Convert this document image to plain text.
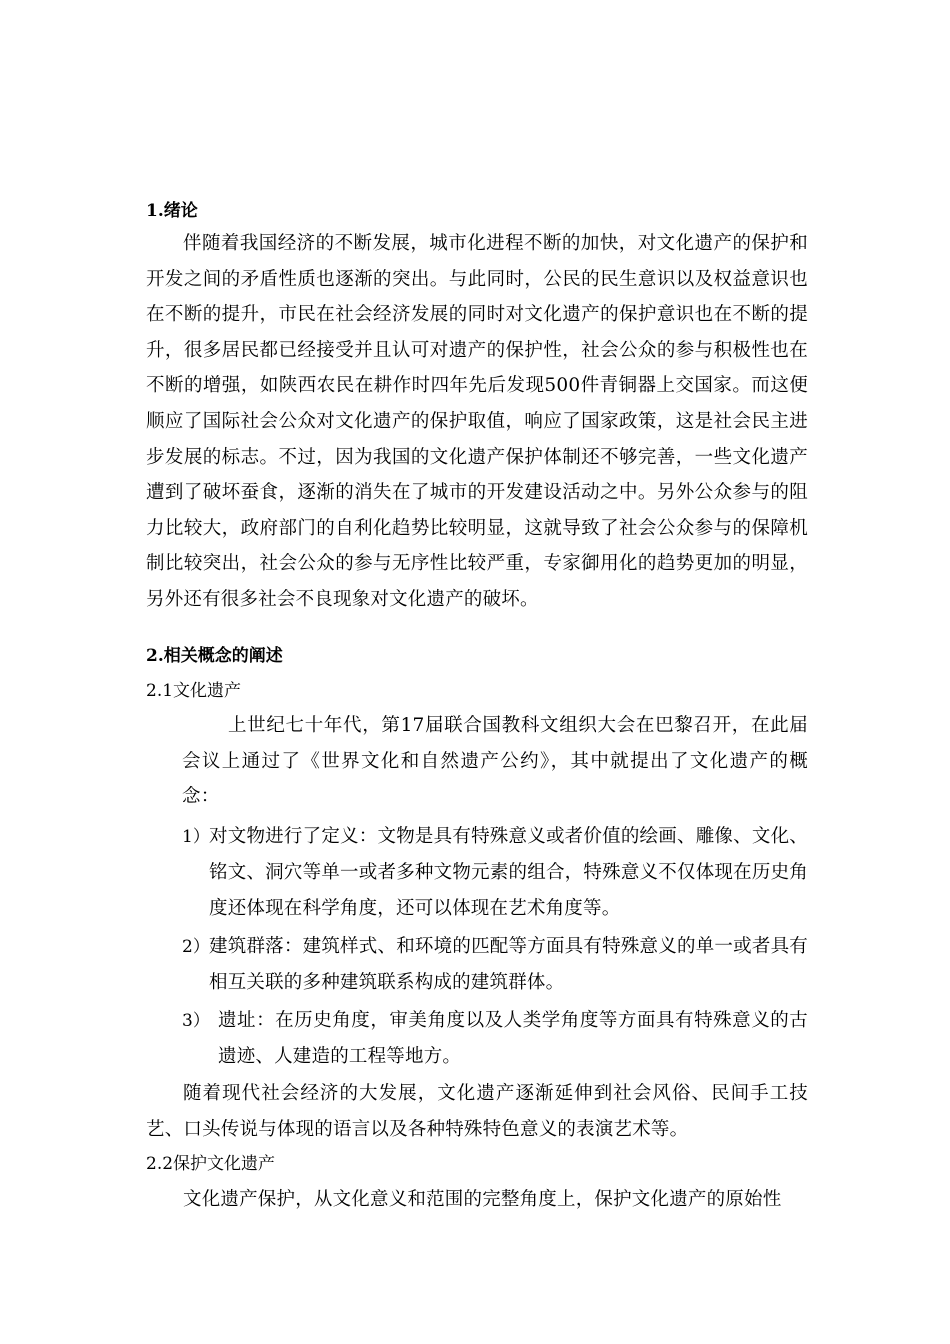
1.绪论
伴随着我国经济的不断发展，城市化进程不断的加快，对文化遗产的保护和开发之间的矛盾性质也逐渐的突出。与此同时，公民的民生意识以及权益意识也在不断的提升，市民在社会经济发展的同时对文化遗产的保护意识也在不断的提升，很多居民都已经接受并且认可对遗产的保护性，社会公众的参与积极性也在不断的增强，如陕西农民在耕作时四年先后发现500件青铜器上交国家。而这便顺应了国际社会公众对文化遗产的保护取值，响应了国家政策，这是社会民主进步发展的标志。不过，因为我国的文化遗产保护体制还不够完善，一些文化遗产遭到了破坏蚕食，逐渐的消失在了城市的开发建设活动之中。另外公众参与的阻力比较大，政府部门的自利化趋势比较明显，这就导致了社会公众参与的保障机制比较突出，社会公众的参与无序性比较严重，专家御用化的趋势更加的明显，另外还有很多社会不良现象对文化遗产的破坏。
2.相关概念的阐述
2.1文化遗产
上世纪七十年代，第17届联合国教科文组织大会在巴黎召开，在此届会议上通过了《世界文化和自然遗产公约》，其中就提出了文化遗产的概念：
1） 对文物进行了定义：文物是具有特殊意义或者价值的绘画、雕像、文化、铭文、洞穴等单一或者多种文物元素的组合，特殊意义不仅体现在历史角度还体现在科学角度，还可以体现在艺术角度等。
2） 建筑群落：建筑样式、和环境的匹配等方面具有特殊意义的单一或者具有相互关联的多种建筑联系构成的建筑群体。
3） 遗址：在历史角度，审美角度以及人类学角度等方面具有特殊意义的古遗迹、人建造的工程等地方。
随着现代社会经济的大发展，文化遗产逐渐延伸到社会风俗、民间手工技艺、口头传说与体现的语言以及各种特殊特色意义的表演艺术等。
2.2保护文化遗产
文化遗产保护，从文化意义和范围的完整角度上，保护文化遗产的原始性
